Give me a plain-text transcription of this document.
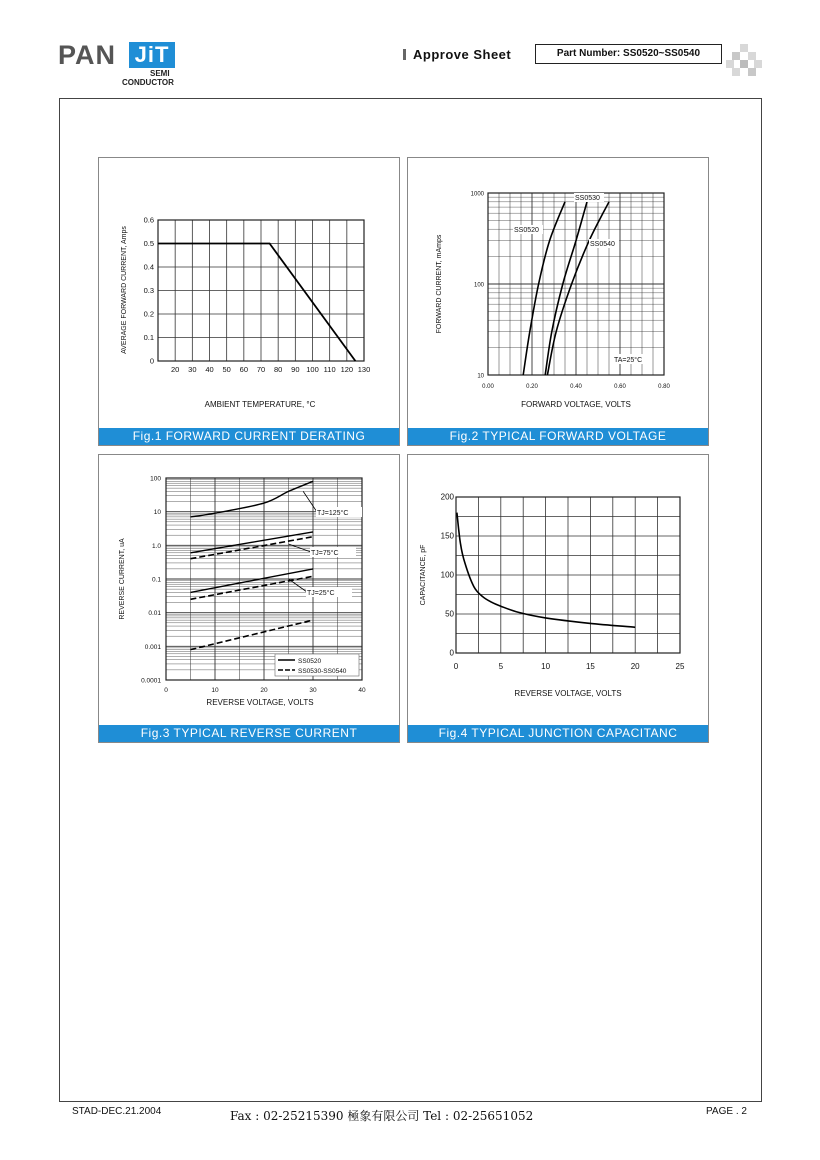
PAN JiT
SEMI
CONDUCTOR
Approve Sheet	Part Number: SS0520~SS0540
20 30 40 50 60 70 80 90 100 110 120 130
0
0.1
0.2
0.3
0.4
0.5
0.6
AMBIENT TEMPERATURE, °C
AVERAGE FORWARD CURRENT, Amps
Fig.1 FORWARD CURRENT DERATING
0.00	0.20	0.40	0.60	0.80
10
100
1000
FORWARD VOLTAGE, VOLTS
FORWARD CURRENT, mAmps
SS0520
SS0530
SS0540
TA=25°C
Fig.2 TYPICAL FORWARD VOLTAGE
0	10	20	30	40
0.0001
0.001
0.01
0.1
1.0
10
100
REVERSE VOLTAGE, VOLTS
REVERSE CURRENT, uA
TJ=125°C
TJ=75°C
TJ=25°C
SS0520
SS0530-SS0540
Fig.3 TYPICAL REVERSE CURRENT
0	5	10	15	20	25
0
50
100
150
200
REVERSE VOLTAGE, VOLTS
CAPACITANCE, pF
Fig.4 TYPICAL JUNCTION CAPACITANC
STAD-DEC.21.2004	Fax : 02-25215390 極象有限公司 Tel : 02-25651052	PAGE . 2
